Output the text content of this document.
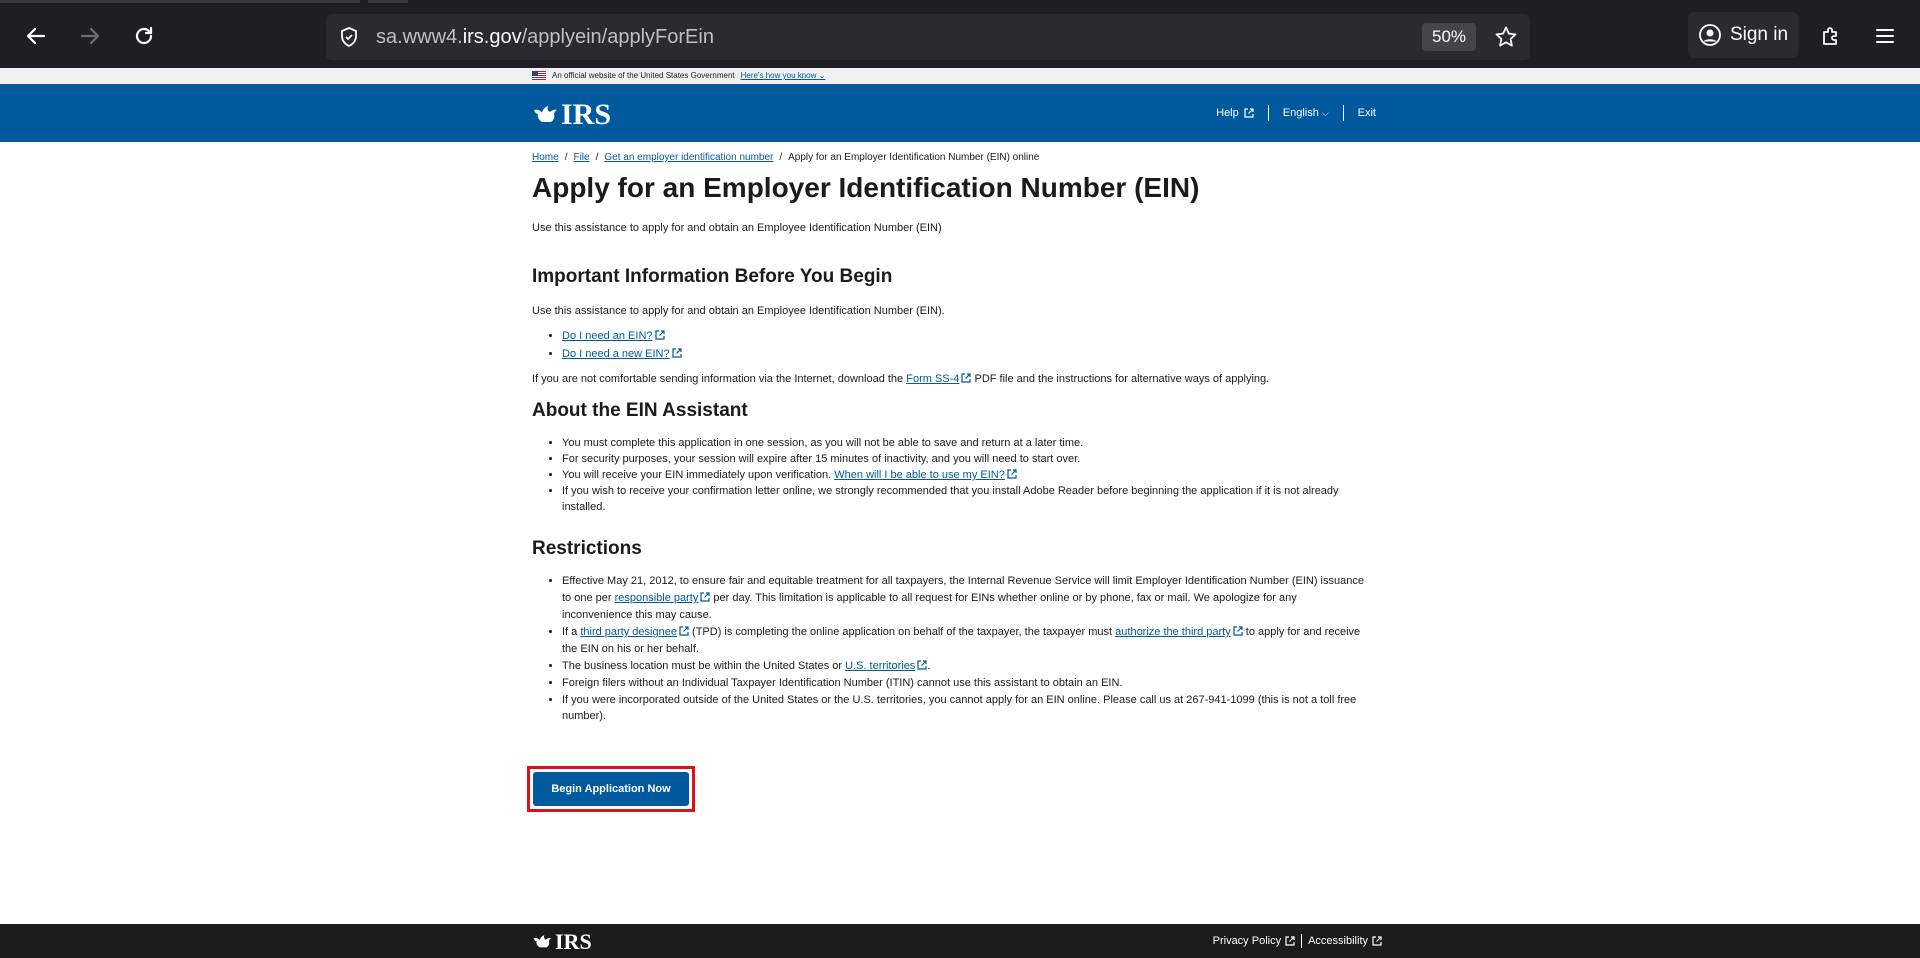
sa.www4.irs.gov/applyein/applyForEin	50%	Sign in
An official website of the United States Government Here's how you know ⌄
IRS	Help	English ⌵	Exit
Home / File / Get an employer identification number / Apply for an Employer Identification Number (EIN) online
Apply for an Employer Identification Number (EIN)
Use this assistance to apply for and obtain an Employee Identification Number (EIN)
Important Information Before You Begin
Use this assistance to apply for and obtain an Employee Identification Number (EIN).
• Do I need an EIN?
• Do I need a new EIN?
If you are not comfortable sending information via the Internet, download the Form SS-4 PDF file and the instructions for alternative ways of applying.
About the EIN Assistant
• You must complete this application in one session, as you will not be able to save and return at a later time.
• For security purposes, your session will expire after 15 minutes of inactivity, and you will need to start over.
• You will receive your EIN immediately upon verification. When will I be able to use my EIN?
• If you wish to receive your confirmation letter online, we strongly recommended that you install Adobe Reader before beginning the application if it is not already
installed.
Restrictions
• Effective May 21, 2012, to ensure fair and equitable treatment for all taxpayers, the Internal Revenue Service will limit Employer Identification Number (EIN) issuance
to one per responsible party per day. This limitation is applicable to all request for EINs whether online or by phone, fax or mail. We apologize for any
inconvenience this may cause.
• If a third party designee (TPD) is completing the online application on behalf of the taxpayer, the taxpayer must authorize the third party to apply for and receive
the EIN on his or her behalf.
• The business location must be within the United States or U.S. territories .
• Foreign filers without an Individual Taxpayer Identification Number (ITIN) cannot use this assistant to obtain an EIN.
• If you were incorporated outside of the United States or the U.S. territories, you cannot apply for an EIN online. Please call us at 267-941-1099 (this is not a toll free
number).
Begin Application Now
IRS	Privacy Policy Accessibility
